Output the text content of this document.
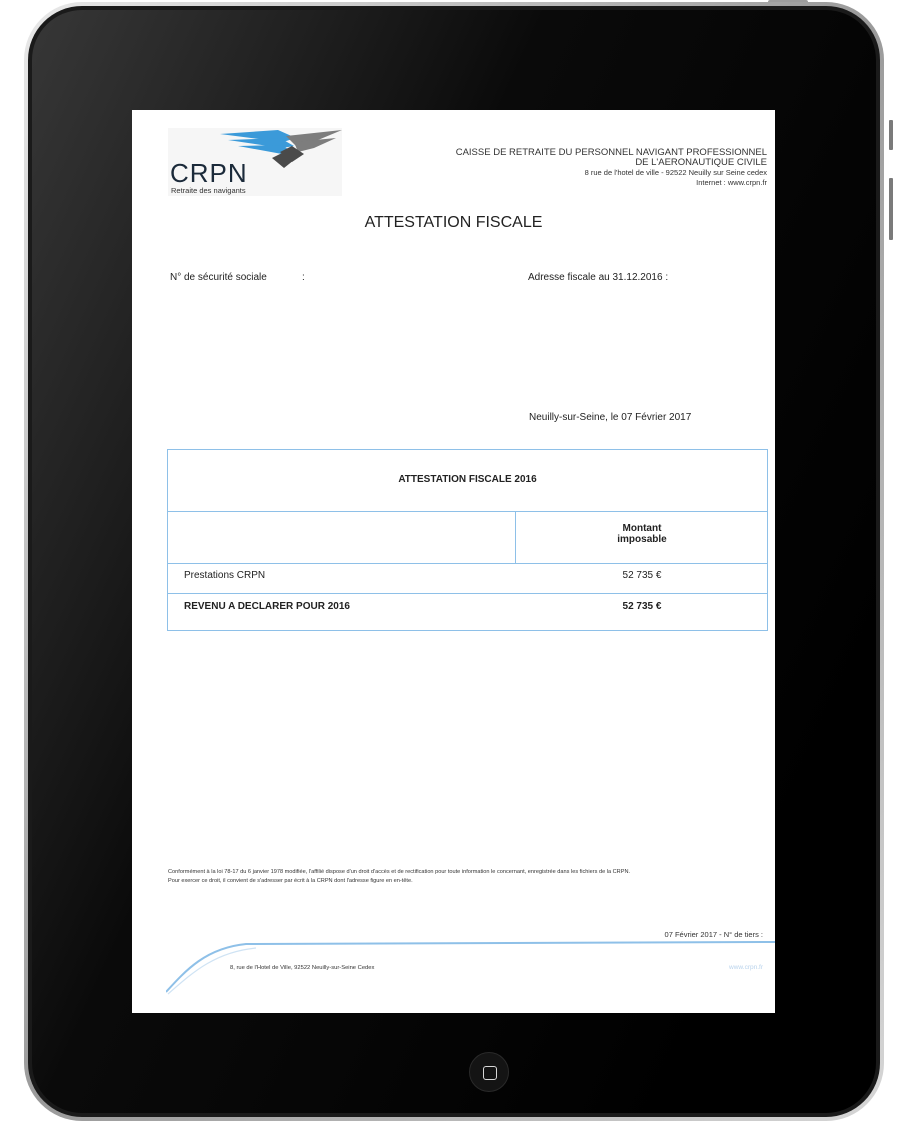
CRPN
Retraite des navigants
CAISSE DE RETRAITE DU PERSONNEL NAVIGANT PROFESSIONNEL
DE L'AERONAUTIQUE CIVILE
8 rue de l'hotel de ville - 92522 Neuilly sur Seine cedex
Internet : www.crpn.fr
ATTESTATION FISCALE
N° de sécurité sociale	:	Adresse fiscale au 31.12.2016 :
Neuilly-sur-Seine, le 07 Février 2017
ATTESTATION FISCALE 2016
Montant
imposable
Prestations CRPN	52 735 €
REVENU A DECLARER POUR 2016	52 735 €
Conformément à la loi 78-17 du 6 janvier 1978 modifiée, l'affilié dispose d'un droit d'accès et de rectification pour toute information le concernant, enregistrée dans les fichiers de la CRPN.
Pour exercer ce droit, il convient de s'adresser par écrit à la CRPN dont l'adresse figure en en-tête.
07 Février 2017 - N° de tiers :
8, rue de l'Hotel de Ville, 92522 Neuilly-sur-Seine Cedex	www.crpn.fr
